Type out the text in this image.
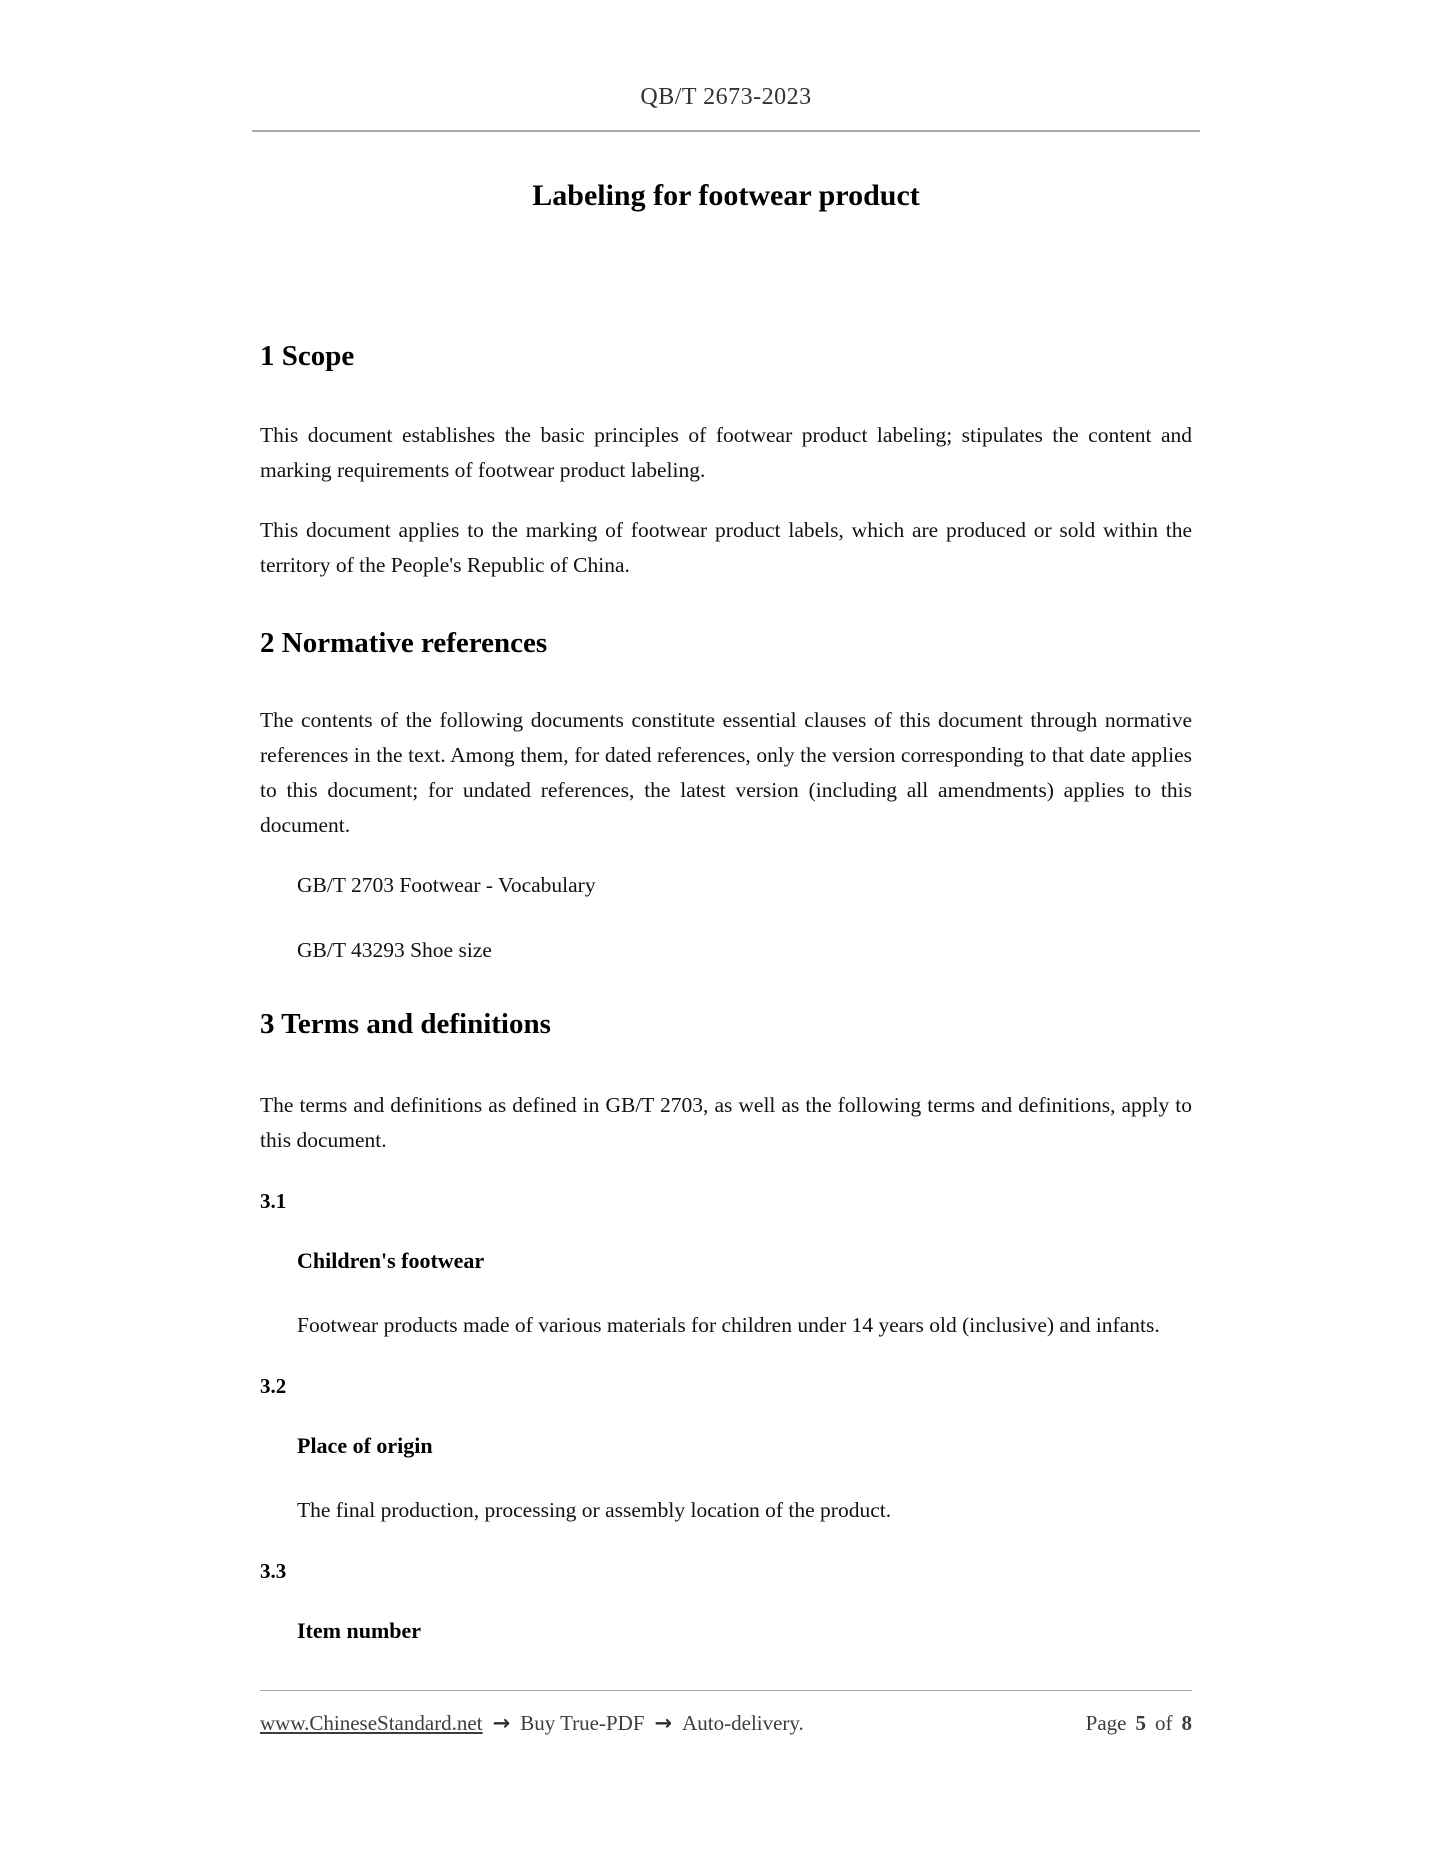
QB/T 2673-2023
Labeling for footwear product
1 Scope

This document establishes the basic principles of footwear product labeling; stipulates the content and marking requirements of footwear product labeling.

This document applies to the marking of footwear product labels, which are produced or sold within the territory of the People's Republic of China.

2 Normative references

The contents of the following documents constitute essential clauses of this document through normative references in the text. Among them, for dated references, only the version corresponding to that date applies to this document; for undated references, the latest version (including all amendments) applies to this document.

GB/T 2703 Footwear - Vocabulary

GB/T 43293 Shoe size

3 Terms and definitions

The terms and definitions as defined in GB/T 2703, as well as the following terms and definitions, apply to this document.

3.1
Children's footwear

Footwear products made of various materials for children under 14 years old (inclusive) and infants.

3.2
Place of origin

The final production, processing or assembly location of the product.

3.3
Item number
www.ChineseStandard.net → Buy True-PDF → Auto-delivery.	Page 5 of 8
